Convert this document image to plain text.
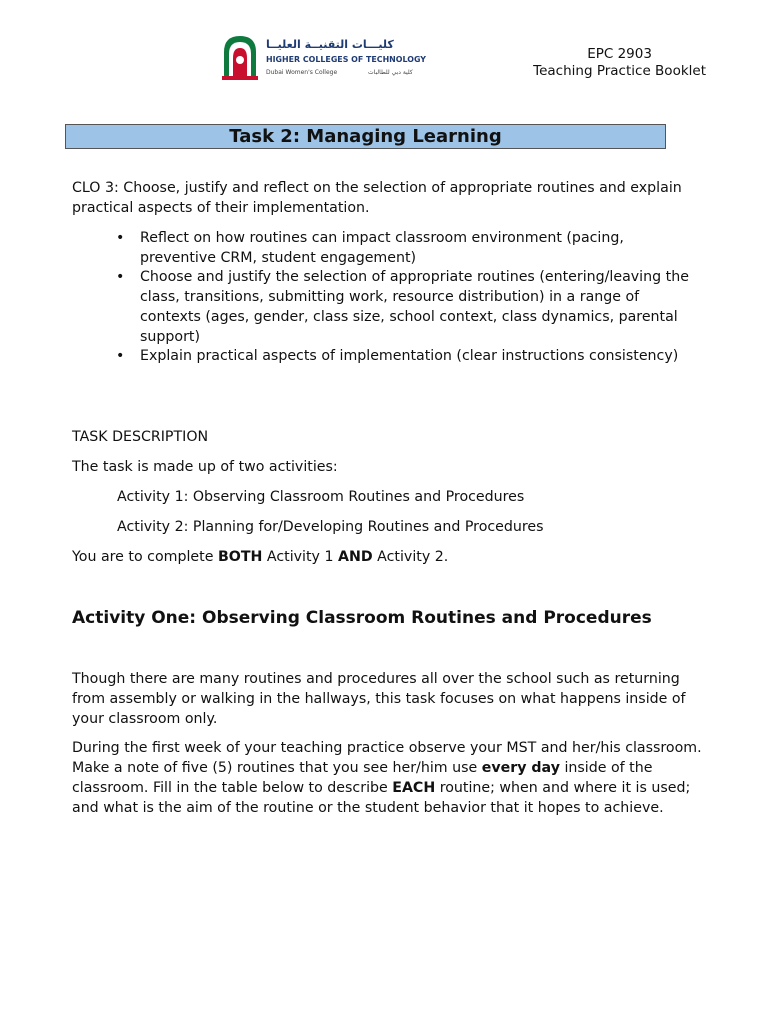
كليـــات التقنيــة العليــا
HIGHER COLLEGES OF TECHNOLOGY
Dubai Women's College	كلية دبي للطالبات
EPC 2903
Teaching Practice Booklet
Task 2: Managing Learning

CLO 3: Choose, justify and reflect on the selection of appropriate routines and explain practical aspects of their implementation.

• Reflect on how routines can impact classroom environment (pacing, preventive CRM, student engagement)
• Choose and justify the selection of appropriate routines (entering/leaving the class, transitions, submitting work, resource distribution) in a range of contexts (ages, gender, class size, school context, class dynamics, parental support)
• Explain practical aspects of implementation (clear instructions consistency)

TASK DESCRIPTION

The task is made up of two activities:

Activity 1: Observing Classroom Routines and Procedures

Activity 2: Planning for/Developing Routines and Procedures

You are to complete BOTH Activity 1 AND Activity 2.

Activity One: Observing Classroom Routines and Procedures

Though there are many routines and procedures all over the school such as returning from assembly or walking in the hallways, this task focuses on what happens inside of your classroom only.

During the first week of your teaching practice observe your MST and her/his classroom. Make a note of five (5) routines that you see her/him use every day inside of the classroom. Fill in the table below to describe EACH routine; when and where it is used; and what is the aim of the routine or the student behavior that it hopes to achieve.
